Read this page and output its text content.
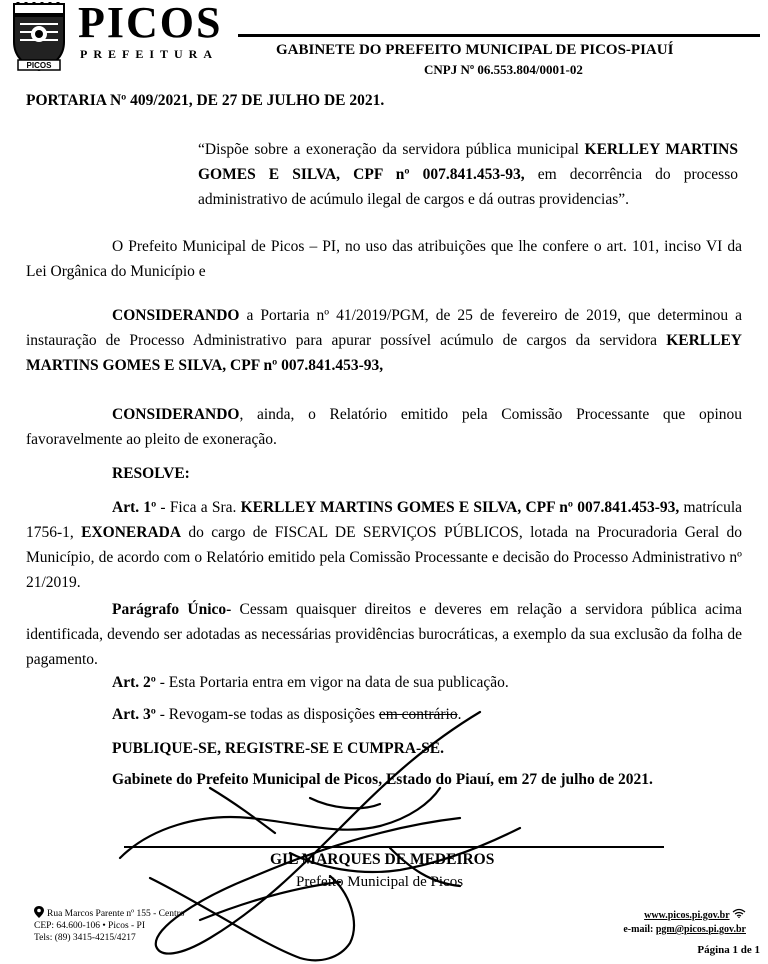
PICOS
PICOS
PREFEITURA	GABINETE DO PREFEITO MUNICIPAL DE PICOS-PIAUÍ
CNPJ Nº 06.553.804/0001-02
PORTARIA Nº 409/2021, DE 27 DE JULHO DE 2021.
“Dispõe sobre a exoneração da servidora pública municipal KERLLEY MARTINS GOMES E SILVA, CPF nº 007.841.453-93, em decorrência do processo administrativo de acúmulo ilegal de cargos e dá outras providencias”.
O Prefeito Municipal de Picos – PI, no uso das atribuições que lhe confere o art. 101, inciso VI da Lei Orgânica do Município e
CONSIDERANDO a Portaria nº 41/2019/PGM, de 25 de fevereiro de 2019, que determinou a instauração de Processo Administrativo para apurar possível acúmulo de cargos da servidora KERLLEY MARTINS GOMES E SILVA, CPF nº 007.841.453-93,
CONSIDERANDO, ainda, o Relatório emitido pela Comissão Processante que opinou favoravelmente ao pleito de exoneração.
RESOLVE:
Art. 1º - Fica a Sra. KERLLEY MARTINS GOMES E SILVA, CPF nº 007.841.453-93, matrícula 1756-1, EXONERADA do cargo de FISCAL DE SERVIÇOS PÚBLICOS, lotada na Procuradoria Geral do Município, de acordo com o Relatório emitido pela Comissão Processante e decisão do Processo Administrativo nº 21/2019.
Parágrafo Único- Cessam quaisquer direitos e deveres em relação a servidora pública acima identificada, devendo ser adotadas as necessárias providências burocráticas, a exemplo da sua exclusão da folha de pagamento.
Art. 2º - Esta Portaria entra em vigor na data de sua publicação.
Art. 3º - Revogam-se todas as disposições em contrário.
PUBLIQUE-SE, REGISTRE-SE E CUMPRA-SE.
Gabinete do Prefeito Municipal de Picos, Estado do Piauí, em 27 de julho de 2021.
GIL MARQUES DE MEDEIROS
Prefeito Municipal de Picos
Rua Marcos Parente nº 155 - Centro
CEP: 64.600-106 • Picos - PI
Tels: (89) 3415-4215/4217
www.picos.pi.gov.br
e-mail: pgm@picos.pi.gov.br
Página 1 de 1
